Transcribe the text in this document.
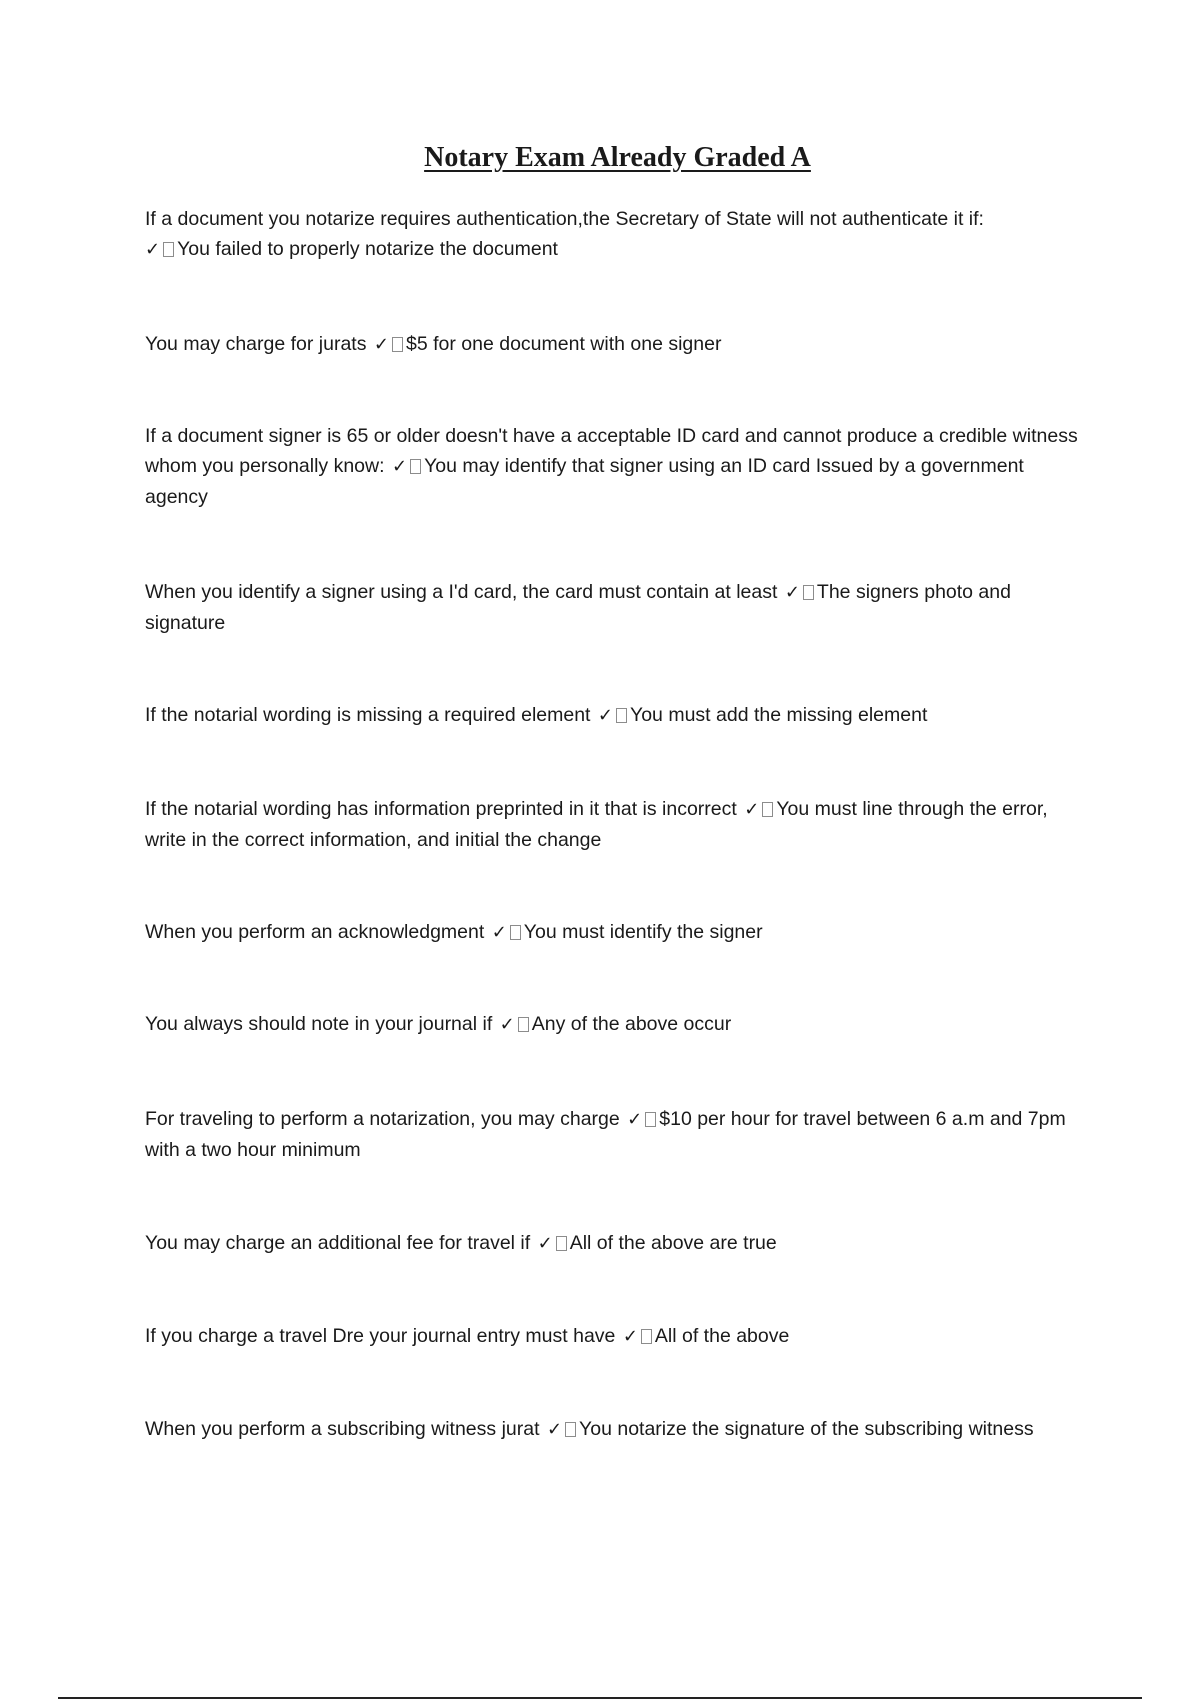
Notary Exam Already Graded A

If a document you notarize requires authentication,the Secretary of State will not authenticate it if:
✓ You failed to properly notarize the document

You may charge for jurats ✓ $5 for one document with one signer

If a document signer is 65 or older doesn't have a acceptable ID card and cannot produce a credible witness whom you personally know: ✓ You may identify that signer using an ID card Issued by a government agency

When you identify a signer using a I'd card, the card must contain at least ✓ The signers photo and signature

If the notarial wording is missing a required element ✓ You must add the missing element

If the notarial wording has information preprinted in it that is incorrect ✓ You must line through the error, write in the correct information, and initial the change

When you perform an acknowledgment ✓ You must identify the signer

You always should note in your journal if ✓ Any of the above occur

For traveling to perform a notarization, you may charge ✓ $10 per hour for travel between 6 a.m and 7pm with a two hour minimum

You may charge an additional fee for travel if ✓ All of the above are true

If you charge a travel Dre your journal entry must have ✓ All of the above

When you perform a subscribing witness jurat ✓ You notarize the signature of the subscribing witness
